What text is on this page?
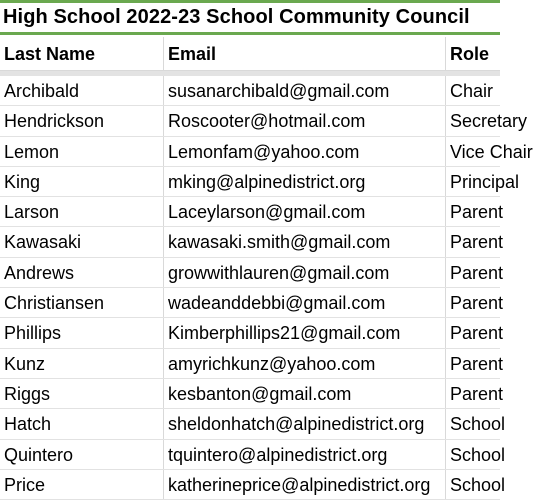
High School 2022-23 School Community Council
Last Name	Email	Role
Archibald	susanarchibald@gmail.com	Chair
Hendrickson	Roscooter@hotmail.com	Secretary
Lemon	Lemonfam@yahoo.com	Vice Chair
King	mking@alpinedistrict.org	Principal
Larson	Laceylarson@gmail.com	Parent
Kawasaki	kawasaki.smith@gmail.com	Parent
Andrews	growwithlauren@gmail.com	Parent
Christiansen	wadeanddebbi@gmail.com	Parent
Phillips	Kimberphillips21@gmail.com	Parent
Kunz	amyrichkunz@yahoo.com	Parent
Riggs	kesbanton@gmail.com	Parent
Hatch	sheldonhatch@alpinedistrict.org	School
Quintero	tquintero@alpinedistrict.org	School
Price	katherineprice@alpinedistrict.org	School
